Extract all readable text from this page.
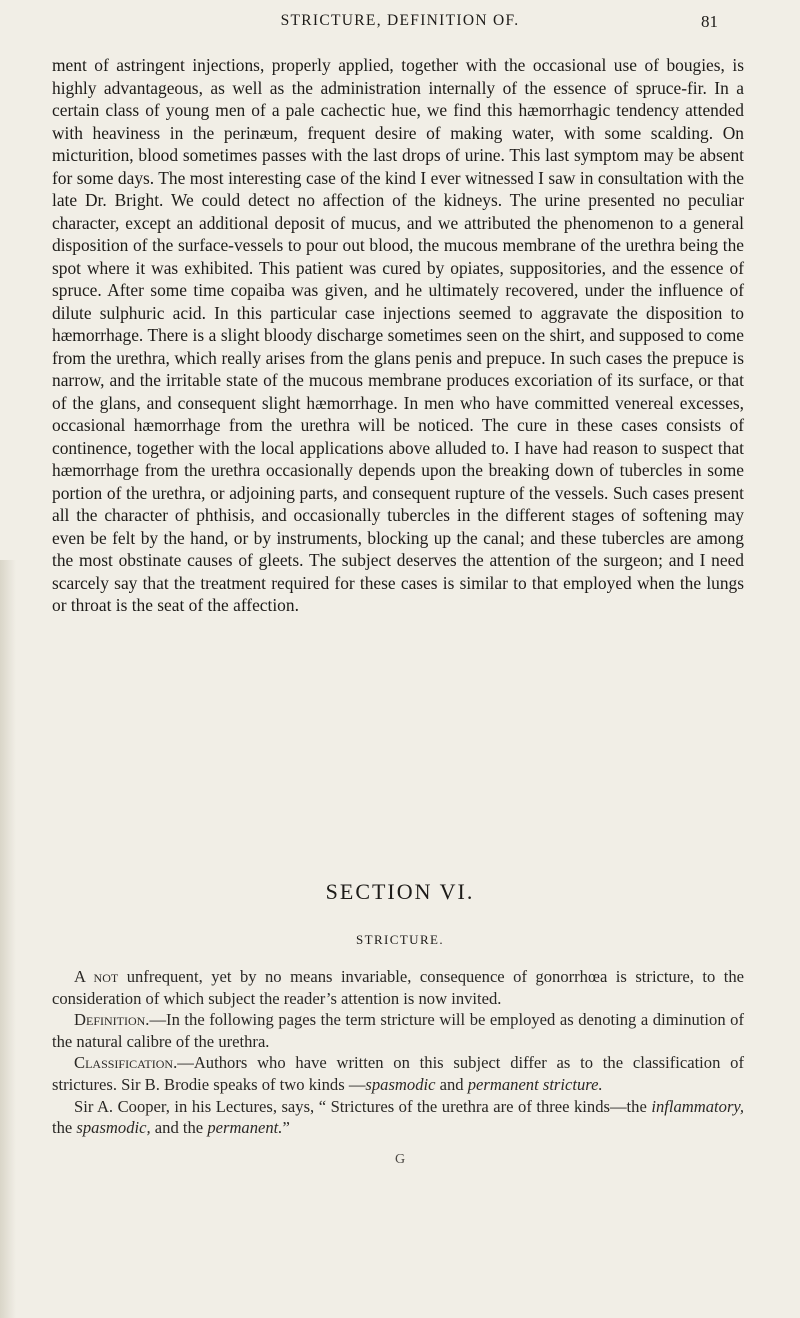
STRICTURE, DEFINITION OF.	81

ment of astringent injections, properly applied, together with the occasional use of bougies, is highly advantageous, as well as the administration internally of the essence of spruce-fir. In a certain class of young men of a pale cachectic hue, we find this hæmorrhagic tendency attended with heaviness in the perinæum, frequent desire of making water, with some scalding. On micturition, blood sometimes passes with the last drops of urine. This last symptom may be absent for some days. The most interesting case of the kind I ever witnessed I saw in consultation with the late Dr. Bright. We could detect no affection of the kidneys. The urine presented no peculiar character, except an additional deposit of mucus, and we attributed the phenomenon to a general disposition of the surface-vessels to pour out blood, the mucous membrane of the urethra being the spot where it was exhibited. This patient was cured by opiates, suppositories, and the essence of spruce. After some time copaiba was given, and he ultimately recovered, under the influence of dilute sulphuric acid. In this particular case injections seemed to aggravate the disposition to hæmorrhage. There is a slight bloody discharge sometimes seen on the shirt, and supposed to come from the urethra, which really arises from the glans penis and prepuce. In such cases the prepuce is narrow, and the irritable state of the mucous membrane produces excoriation of its surface, or that of the glans, and consequent slight hæmorrhage. In men who have committed venereal excesses, occasional hæmorrhage from the urethra will be noticed. The cure in these cases consists of continence, together with the local applications above alluded to. I have had reason to suspect that hæmorrhage from the urethra occasionally depends upon the breaking down of tubercles in some portion of the urethra, or adjoining parts, and consequent rupture of the vessels. Such cases present all the character of phthisis, and occasionally tubercles in the different stages of softening may even be felt by the hand, or by instruments, blocking up the canal; and these tubercles are among the most obstinate causes of gleets. The subject deserves the attention of the surgeon; and I need scarcely say that the treatment required for these cases is similar to that employed when the lungs or throat is the seat of the affection.

SECTION VI.
STRICTURE.

A not unfrequent, yet by no means invariable, consequence of gonorrhœa is stricture, to the consideration of which subject the reader’s attention is now invited.

Definition.—In the following pages the term stricture will be employed as denoting a diminution of the natural calibre of the urethra.

Classification.—Authors who have written on this subject differ as to the classification of strictures. Sir B. Brodie speaks of two kinds —spasmodic and permanent stricture.

Sir A. Cooper, in his Lectures, says, “ Strictures of the urethra are of three kinds—the inflammatory, the spasmodic, and the permanent.”

G
